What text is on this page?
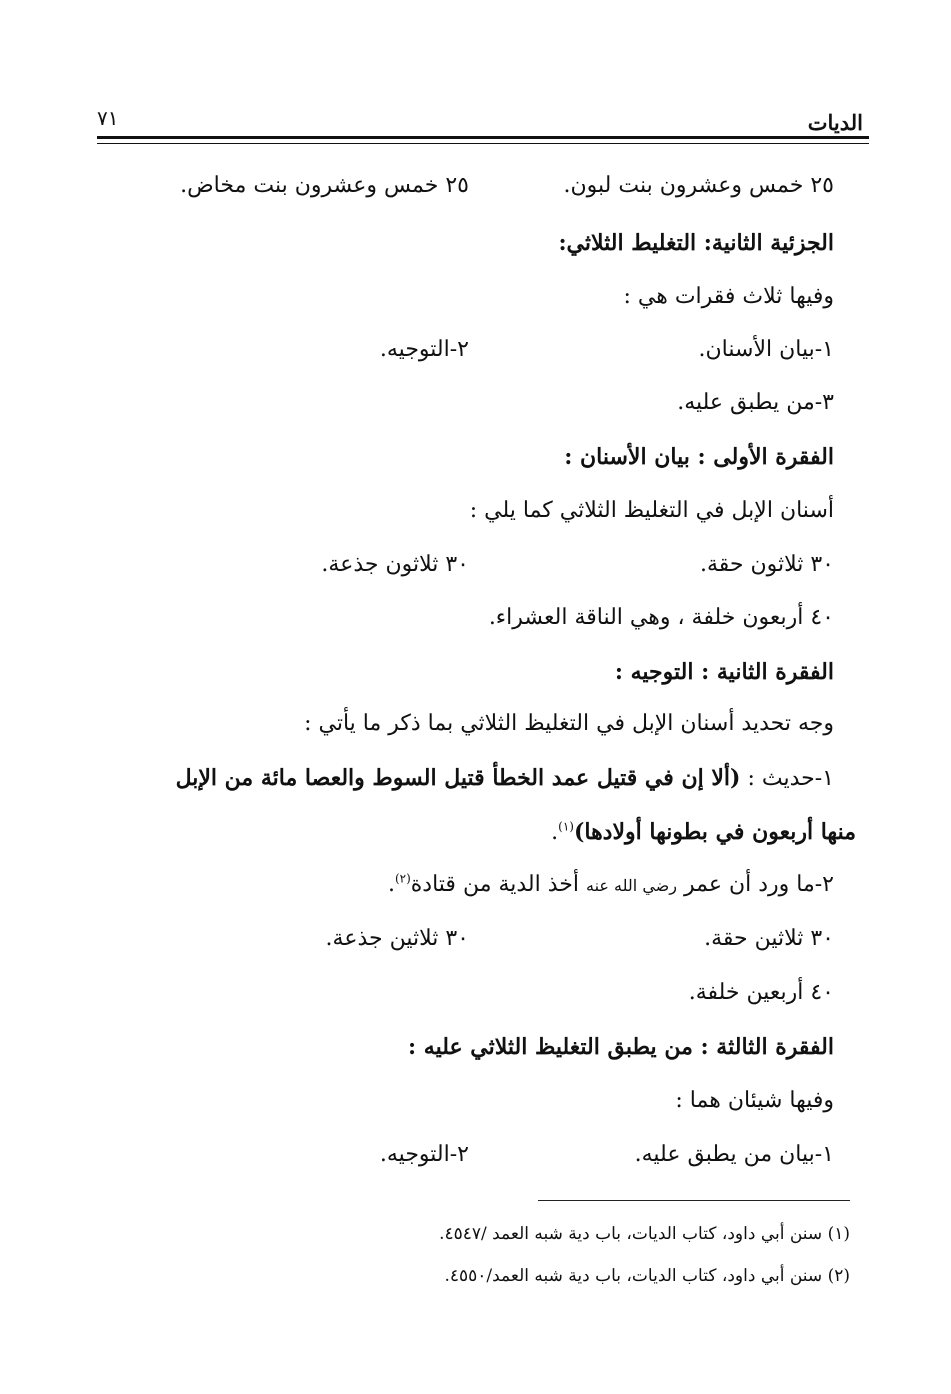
الديات
٧١
٢٥ خمس وعشرون بنت لبون.
٢٥ خمس وعشرون بنت مخاض.
الجزئية الثانية: التغليط الثلاثي:
وفيها ثلاث فقرات هي :
١-بيان الأسنان.
٢-التوجيه.
٣-من يطبق عليه.
الفقرة الأولى : بيان الأسنان :
أسنان الإبل في التغليظ الثلاثي كما يلي :
٣٠ ثلاثون حقة.
٣٠ ثلاثون جذعة.
٤٠ أربعون خلفة ، وهي الناقة العشراء.
الفقرة الثانية : التوجيه :
وجه تحديد أسنان الإبل في التغليظ الثلاثي بما ذكر ما يأتي :
١-حديث : (ألا إن في قتيل عمد الخطأ قتيل السوط والعصا مائة من الإبل
منها أربعون في بطونها أولادها)$^{(١)}$.
٢-ما ورد أن عمر رضي الله عنه أخذ الدية من قتادة$^{(٢)}$.
٣٠ ثلاثين حقة.
٣٠ ثلاثين جذعة.
٤٠ أربعين خلفة.
الفقرة الثالثة : من يطبق التغليظ الثلاثي عليه :
وفيها شيئان هما :
١-بيان من يطبق عليه.
٢-التوجيه.
(١) سنن أبي داود، كتاب الديات، باب دية شبه العمد /٤٥٤٧.
(٢) سنن أبي داود، كتاب الديات، باب دية شبه العمد/٤٥٥٠.
